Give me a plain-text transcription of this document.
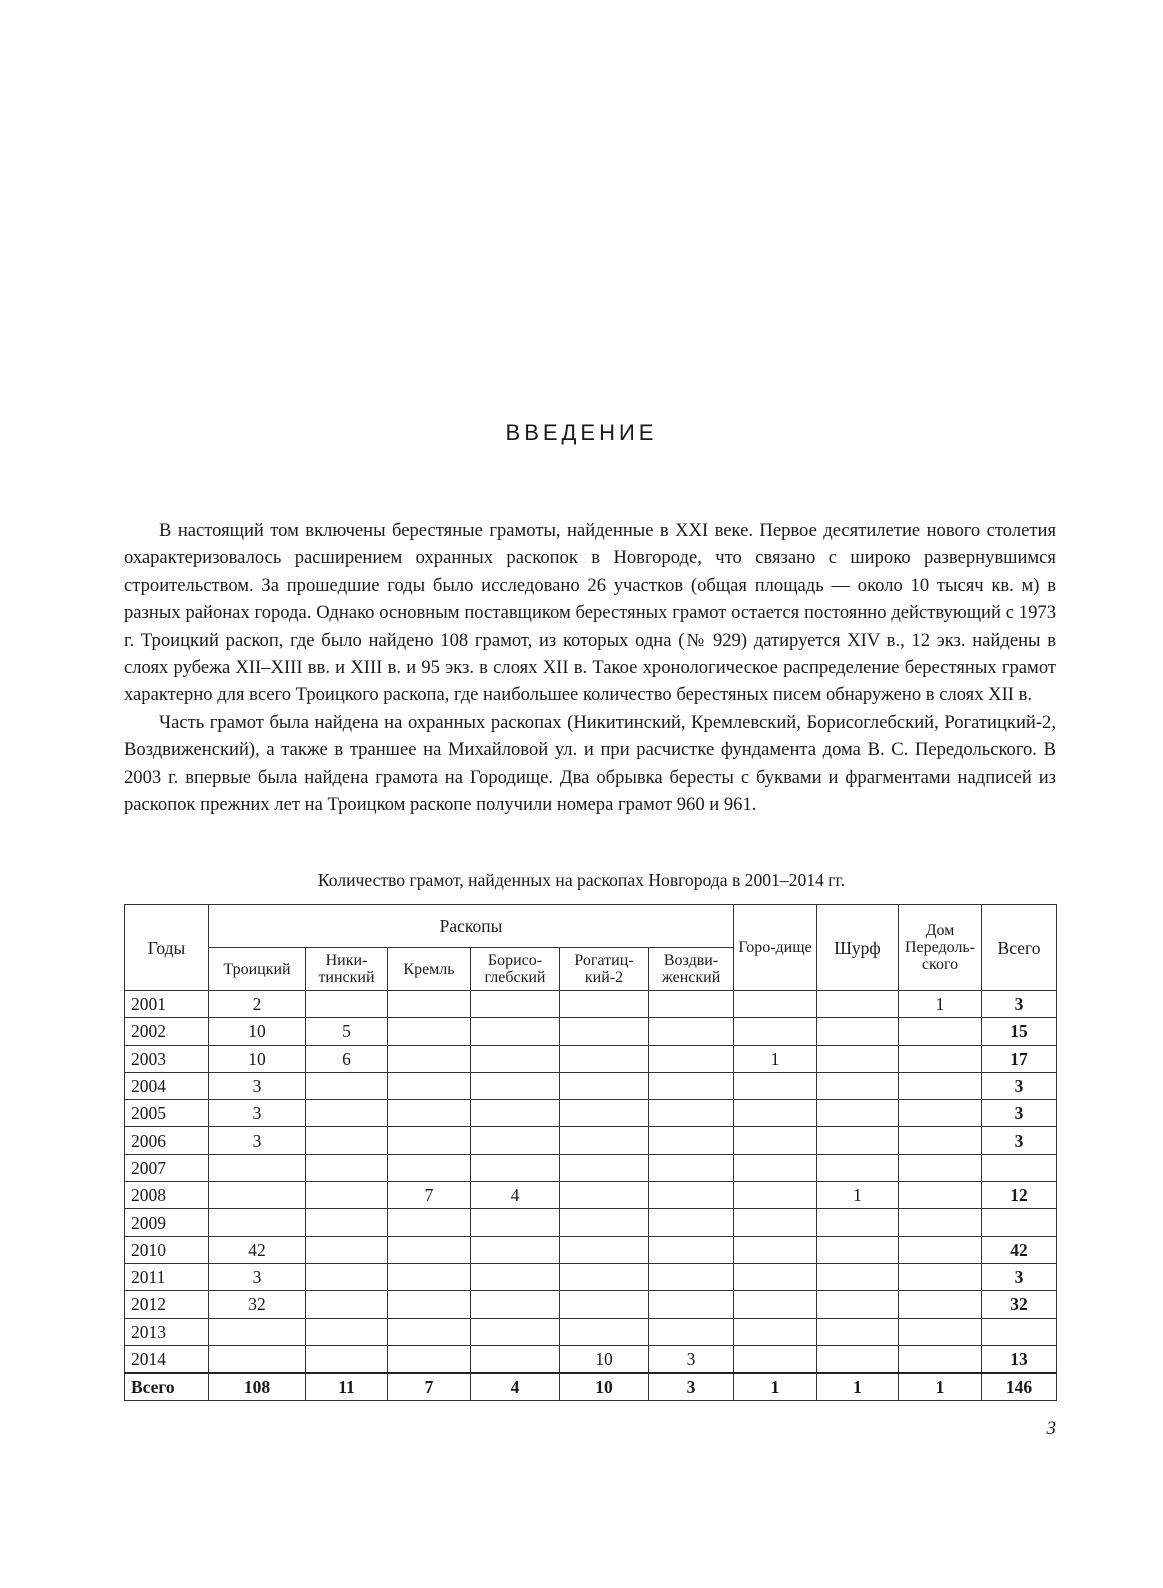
ВВЕДЕНИЕ

В настоящий том включены берестяные грамоты, найденные в XXI веке. Первое десятилетие нового столетия охарактеризовалось расширением охранных раскопок в Новгороде, что связано с широко развернувшимся строительством. За прошедшие годы было исследовано 26 участков (общая площадь — около 10 тысяч кв. м) в разных районах города. Однако основным поставщиком берестяных грамот остается постоянно действующий с 1973 г. Троицкий раскоп, где было найдено 108 грамот, из которых одна (№ 929) датируется XIV в., 12 экз. найдены в слоях рубежа XII–XIII вв. и XIII в. и 95 экз. в слоях XII в. Такое хронологическое распределение берестяных грамот характерно для всего Троицкого раскопа, где наибольшее количество берестяных писем обнаружено в слоях XII в.

Часть грамот была найдена на охранных раскопах (Никитинский, Кремлевский, Борисоглебский, Рогатицкий-2, Воздвиженский), а также в траншее на Михайловой ул. и при расчистке фундамента дома В. С. Передольского. В 2003 г. впервые была найдена грамота на Городище. Два обрывка бересты с буквами и фрагментами надписей из раскопок прежних лет на Троицком раскопе получили номера грамот 960 и 961.

Количество грамот, найденных на раскопах Новгорода в 2001–2014 гг.
Годы	Раскопы						Горо-дище	Шурф	Дом Передоль-ского	Всего
	Троицкий	Ники-тинский	Кремль	Борисо-глебский	Рогатиц-кий-2	Воздви-женский				
2001	2								1	3
2002	10	5								15
2003	10	6					1			17
2004	3									3
2005	3									3
2006	3									3
2007										
2008			7	4				1		12
2009										
2010	42									42
2011	3									3
2012	32									32
2013										
2014					10	3				13
Всего	108	11	7	4	10	3	1	1	1	146
3
